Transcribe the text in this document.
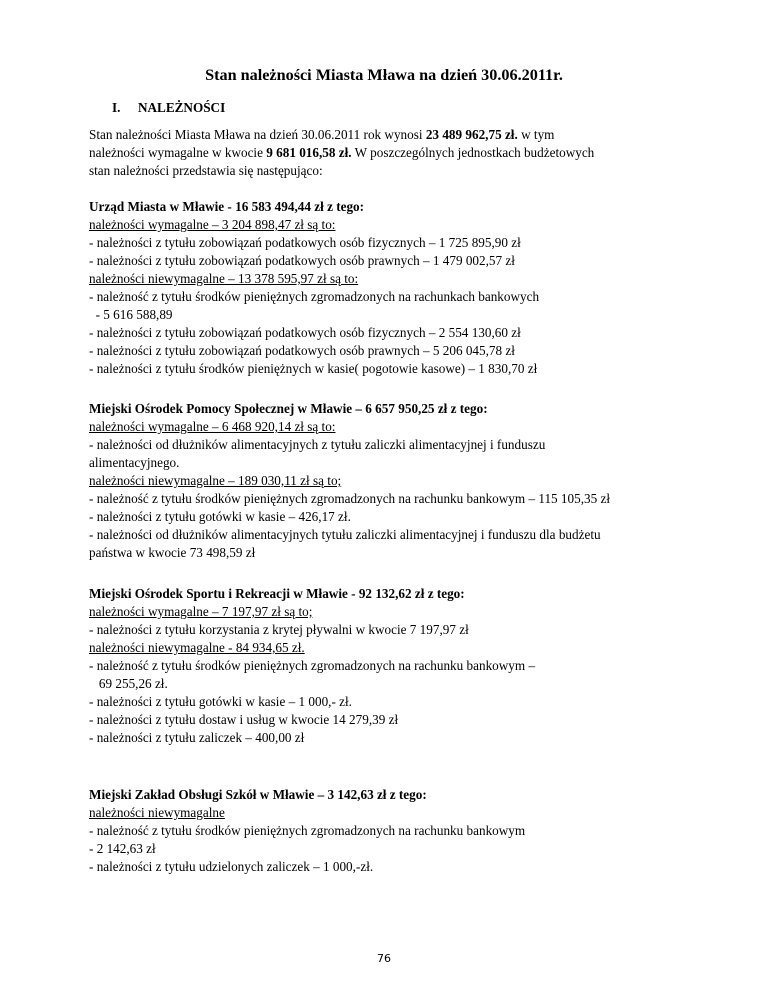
Stan należności Miasta Mława na dzień 30.06.2011r.
I. NALEŻNOŚCI
Stan należności Miasta Mława na dzień 30.06.2011 rok wynosi 23 489 962,75 zł. w tym
należności wymagalne w kwocie 9 681 016,58 zł. W poszczególnych jednostkach budżetowych
stan należności przedstawia się następująco:
Urząd Miasta w Mławie - 16 583 494,44 zł z tego:
należności wymagalne – 3 204 898,47 zł są to:
- należności z tytułu zobowiązań podatkowych osób fizycznych – 1 725 895,90 zł
- należności z tytułu zobowiązań podatkowych osób prawnych – 1 479 002,57 zł
należności niewymagalne – 13 378 595,97 zł są to:
- należność z tytułu środków pieniężnych zgromadzonych na rachunkach bankowych
- 5 616 588,89
- należności z tytułu zobowiązań podatkowych osób fizycznych – 2 554 130,60 zł
- należności z tytułu zobowiązań podatkowych osób prawnych – 5 206 045,78 zł
- należności z tytułu środków pieniężnych w kasie( pogotowie kasowe) – 1 830,70 zł
Miejski Ośrodek Pomocy Społecznej w Mławie – 6 657 950,25 zł z tego:
należności wymagalne – 6 468 920,14 zł są to:
- należności od dłużników alimentacyjnych z tytułu zaliczki alimentacyjnej i funduszu
alimentacyjnego.
należności niewymagalne – 189 030,11 zł są to;
- należność z tytułu środków pieniężnych zgromadzonych na rachunku bankowym – 115 105,35 zł
- należności z tytułu gotówki w kasie – 426,17 zł.
- należności od dłużników alimentacyjnych tytułu zaliczki alimentacyjnej i funduszu dla budżetu
państwa w kwocie 73 498,59 zł
Miejski Ośrodek Sportu i Rekreacji w Mławie - 92 132,62 zł z tego:
należności wymagalne – 7 197,97 zł są to;
- należności z tytułu korzystania z krytej pływalni w kwocie 7 197,97 zł
należności niewymagalne - 84 934,65 zł.
- należność z tytułu środków pieniężnych zgromadzonych na rachunku bankowym –
69 255,26 zł.
- należności z tytułu gotówki w kasie – 1 000,- zł.
- należności z tytułu dostaw i usług w kwocie 14 279,39 zł
- należności z tytułu zaliczek – 400,00 zł
Miejski Zakład Obsługi Szkół w Mławie – 3 142,63 zł z tego:
należności niewymagalne
- należność z tytułu środków pieniężnych zgromadzonych na rachunku bankowym
- 2 142,63 zł
- należności z tytułu udzielonych zaliczek – 1 000,-zł.
76
